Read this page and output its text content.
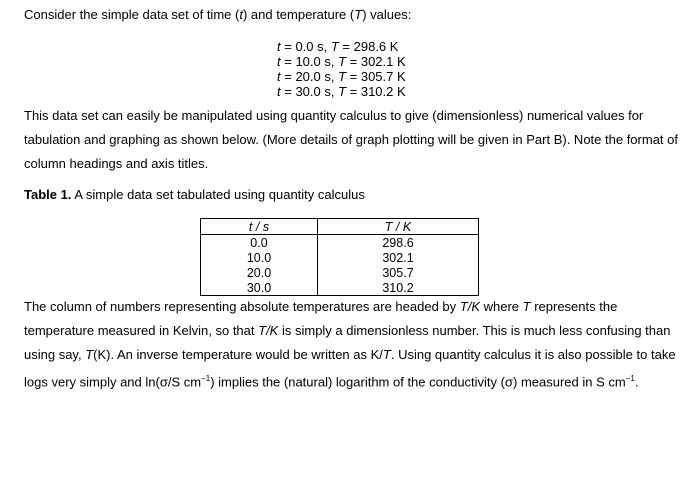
Consider the simple data set of time (t) and temperature (T) values:
t = 0.0 s, T = 298.6 K
t = 10.0 s, T = 302.1 K
t = 20.0 s, T = 305.7 K
t = 30.0 s, T = 310.2 K
This data set can easily be manipulated using quantity calculus to give (dimensionless) numerical values for tabulation and graphing as shown below. (More details of graph plotting will be given in Part B). Note the format of column headings and axis titles.
Table 1. A simple data set tabulated using quantity calculus
t / s	T / K
0.0	298.6
10.0	302.1
20.0	305.7
30.0	310.2
The column of numbers representing absolute temperatures are headed by T/K where T represents the temperature measured in Kelvin, so that T/K is simply a dimensionless number. This is much less confusing than using say, T(K). An inverse temperature would be written as K/T. Using quantity calculus it is also possible to take logs very simply and ln(σ/S $cm^{-1}$) implies the (natural) logarithm of the conductivity (σ) measured in S $cm^{-1}$.
